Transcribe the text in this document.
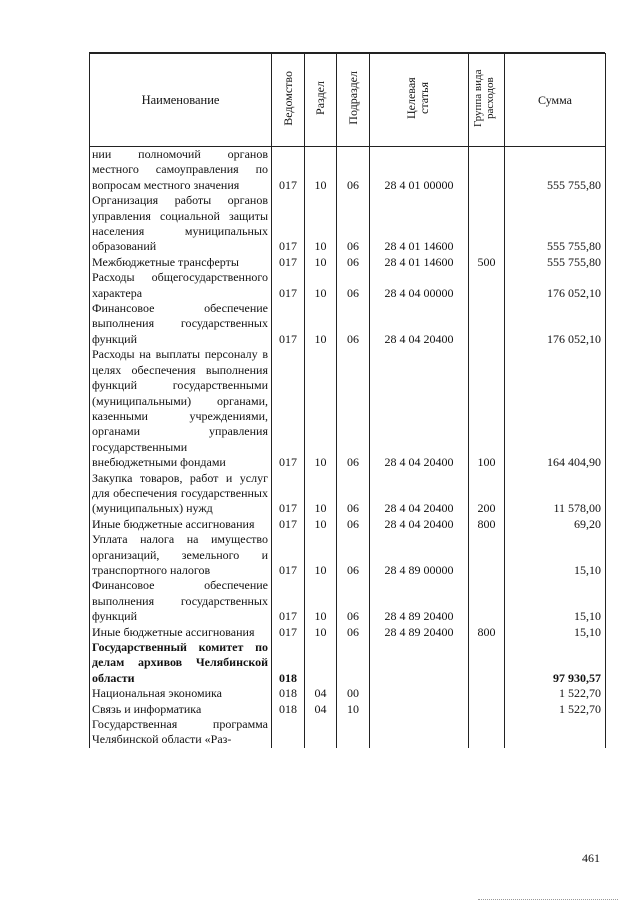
Наименование	Ведомство	Раздел	Подраздел	Целевая статья	Группа вида расходов	Сумма
нии полномочий органов местного самоуправления по вопросам местного значения	017	10	06	28 4 01 00000		555 755,80
Организация работы органов управления социальной защиты населения муниципальных образований	017	10	06	28 4 01 14600		555 755,80
Межбюджетные трансферты	017	10	06	28 4 01 14600	500	555 755,80
Расходы общегосударственного характера	017	10	06	28 4 04 00000		176 052,10
Финансовое обеспечение выполнения государственных функций	017	10	06	28 4 04 20400		176 052,10
Расходы на выплаты персоналу в целях обеспечения выполнения функций государственными (муниципальными) органами, казенными учреждениями, органами управления государственными внебюджетными фондами	017	10	06	28 4 04 20400	100	164 404,90
Закупка товаров, работ и услуг для обеспечения государственных (муниципальных) нужд	017	10	06	28 4 04 20400	200	11 578,00
Иные бюджетные ассигнования	017	10	06	28 4 04 20400	800	69,20
Уплата налога на имущество организаций, земельного и транспортного налогов	017	10	06	28 4 89 00000		15,10
Финансовое обеспечение выполнения государственных функций	017	10	06	28 4 89 20400		15,10
Иные бюджетные ассигнования	017	10	06	28 4 89 20400	800	15,10
Государственный комитет по делам архивов Челябинской области	018					97 930,57
Национальная экономика	018	04	00			1 522,70
Связь и информатика	018	04	10			1 522,70
Государственная программа Челябинской области «Раз-						

461
